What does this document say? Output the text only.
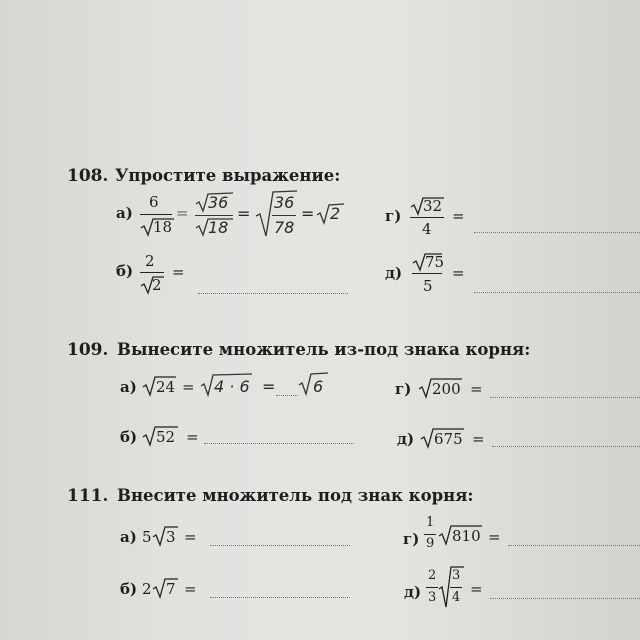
108. Упростите выражение:
а)
6
18
=
36
18
=
36
78
= 2	г)
32
4
=
б)
2
2
=	д)
75
5
=
109. Вынесите множитель из-под знака корня:
а) 24 = 4 · 6 = 6	г) 200 =
б) 52 =	д) 675 =
111. Внесите множитель под знак корня:
а) 5 3 =	г)
1
9 810 =
б) 2 7 =	д)
2
3
3
4 =
